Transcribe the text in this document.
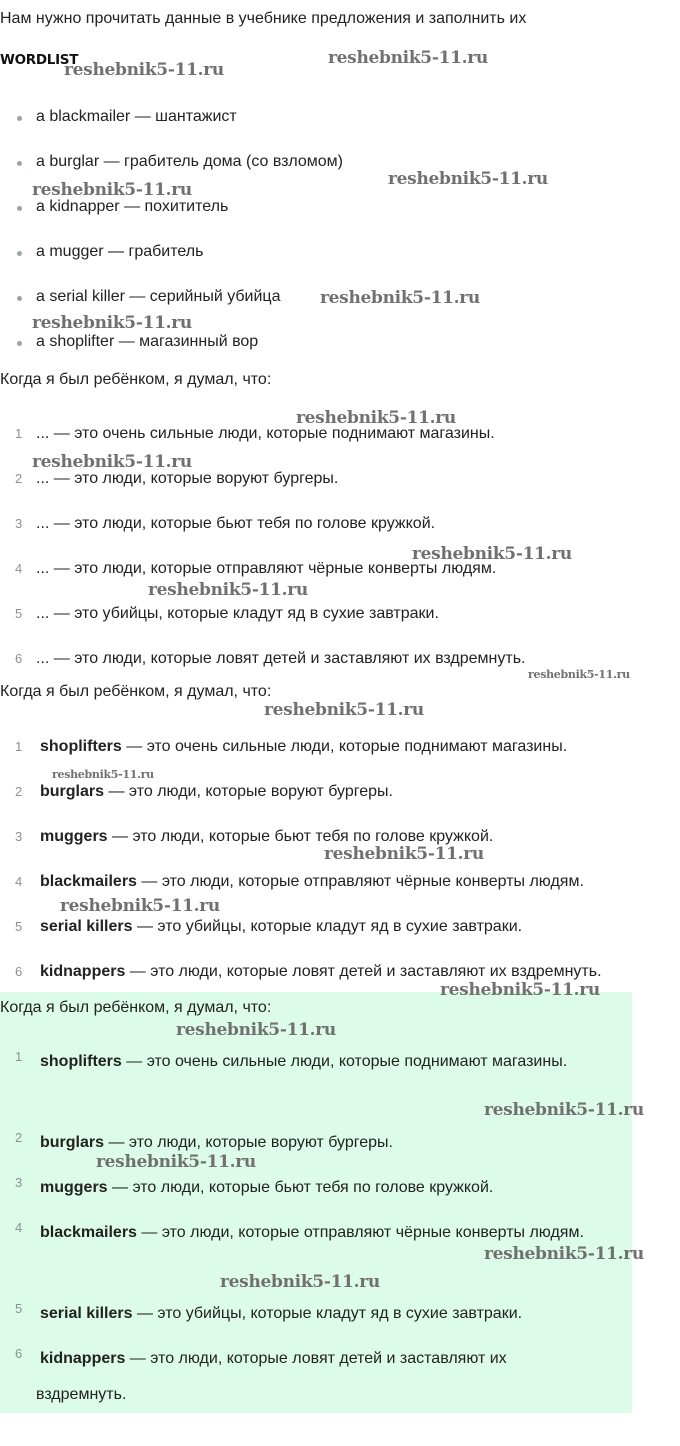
Нам нужно прочитать данные в учебнике предложения и заполнить их

WORDLIST
a blackmailer — шантажист
a burglar — грабитель дома (со взломом)
a kidnapper — похититель
a mugger — грабитель
a serial killer — серийный убийца
a shoplifter — магазинный вор

Когда я был ребёнком, я думал, что:

1 ... — это очень сильные люди, которые поднимают магазины.
2 ... — это люди, которые воруют бургеры.
3 ... — это люди, которые бьют тебя по голове кружкой.
4 ... — это люди, которые отправляют чёрные конверты людям.
5 ... — это убийцы, которые кладут яд в сухие завтраки.
6 ... — это люди, которые ловят детей и заставляют их вздремнуть.

Когда я был ребёнком, я думал, что:

1 shoplifters — это очень сильные люди, которые поднимают магазины.
2 burglars — это люди, которые воруют бургеры.
3 muggers — это люди, которые бьют тебя по голове кружкой.
4 blackmailers — это люди, которые отправляют чёрные конверты людям.
5 serial killers — это убийцы, которые кладут яд в сухие завтраки.
6 kidnappers — это люди, которые ловят детей и заставляют их вздремнуть.

Когда я был ребёнком, я думал, что:

1 shoplifters — это очень сильные люди, которые поднимают магазины.
2 burglars — это люди, которые воруют бургеры.
3 muggers — это люди, которые бьют тебя по голове кружкой.
4 blackmailers — это люди, которые отправляют чёрные конверты людям.
5 serial killers — это убийцы, которые кладут яд в сухие завтраки.
6 kidnappers — это люди, которые ловят детей и заставляют их вздремнуть.
reshebnik5-11.ru
reshebnik5-11.ru
reshebnik5-11.ru
reshebnik5-11.ru
reshebnik5-11.ru
reshebnik5-11.ru
reshebnik5-11.ru
reshebnik5-11.ru
reshebnik5-11.ru
reshebnik5-11.ru
reshebnik5-11.ru
reshebnik5-11.ru
reshebnik5-11.ru
reshebnik5-11.ru
reshebnik5-11.ru
reshebnik5-11.ru
reshebnik5-11.ru
reshebnik5-11.ru
reshebnik5-11.ru
reshebnik5-11.ru
reshebnik5-11.ru
